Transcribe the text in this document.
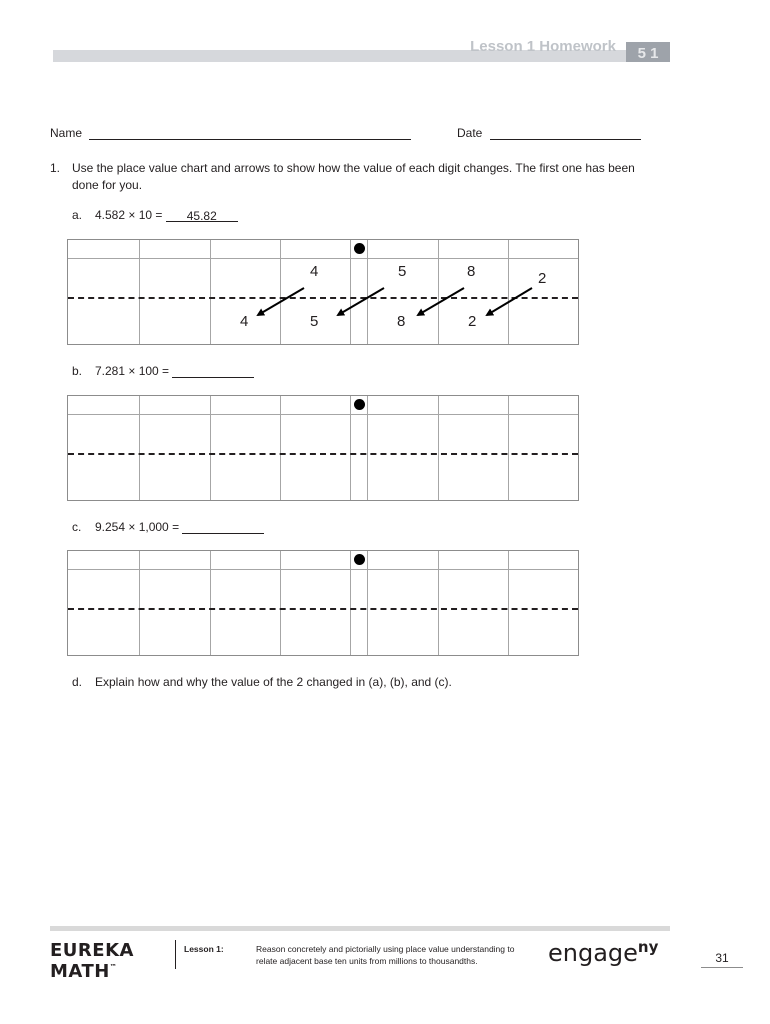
Lesson 1 Homework	5 1
Name	Date
1. Use the place value chart and arrows to show how the value of each digit changes. The first one has been
done for you.
a. 4.582 × 10 = 45.82
4	5	8	2
4	5	8	2
b. 7.281 × 100 =
c. 9.254 × 1,000 =
d. Explain how and why the value of the 2 changed in (a), (b), and (c).
EUREKA
MATH™
Lesson 1:	Reason concretely and pictorially using place value understanding to
relate adjacent base ten units from millions to thousandths.	engage$^{ny}$
31
